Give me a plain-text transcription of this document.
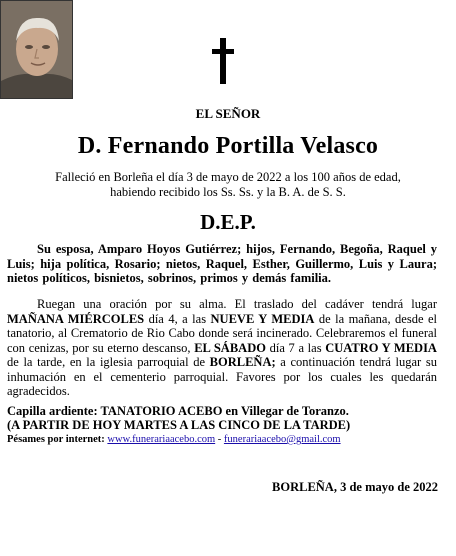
EL SEÑOR
D. Fernando Portilla Velasco
Falleció en Borleña el día 3 de mayo de 2022 a los 100 años de edad,
habiendo recibido los Ss. Ss. y la B. A. de S. S.
D.E.P.

Su esposa, Amparo Hoyos Gutiérrez; hijos, Fernando, Begoña, Raquel y Luis; hija política, Rosario; nietos, Raquel, Esther, Guillermo, Luis y Laura; nietos políticos, bisnietos, sobrinos, primos y demás familia.

Ruegan una oración por su alma. El traslado del cadáver tendrá lugar MAÑANA MIÉRCOLES día 4, a las NUEVE Y MEDIA de la mañana, desde el tanatorio, al Crematorio de Rio Cabo donde será incinerado. Celebraremos el funeral con cenizas, por su eterno descanso, EL SÁBADO día 7 a las CUATRO Y MEDIA de la tarde, en la iglesia parroquial de BORLEÑA; a continuación tendrá lugar su inhumación en el cementerio parroquial. Favores por los cuales les quedarán agradecidos.

Capilla ardiente: TANATORIO ACEBO en Villegar de Toranzo.
(A PARTIR DE HOY MARTES A LAS CINCO DE LA TARDE)
Pésames por internet: www.funerariaacebo.com - funerariaacebo@gmail.com
BORLEÑA, 3 de mayo de 2022
